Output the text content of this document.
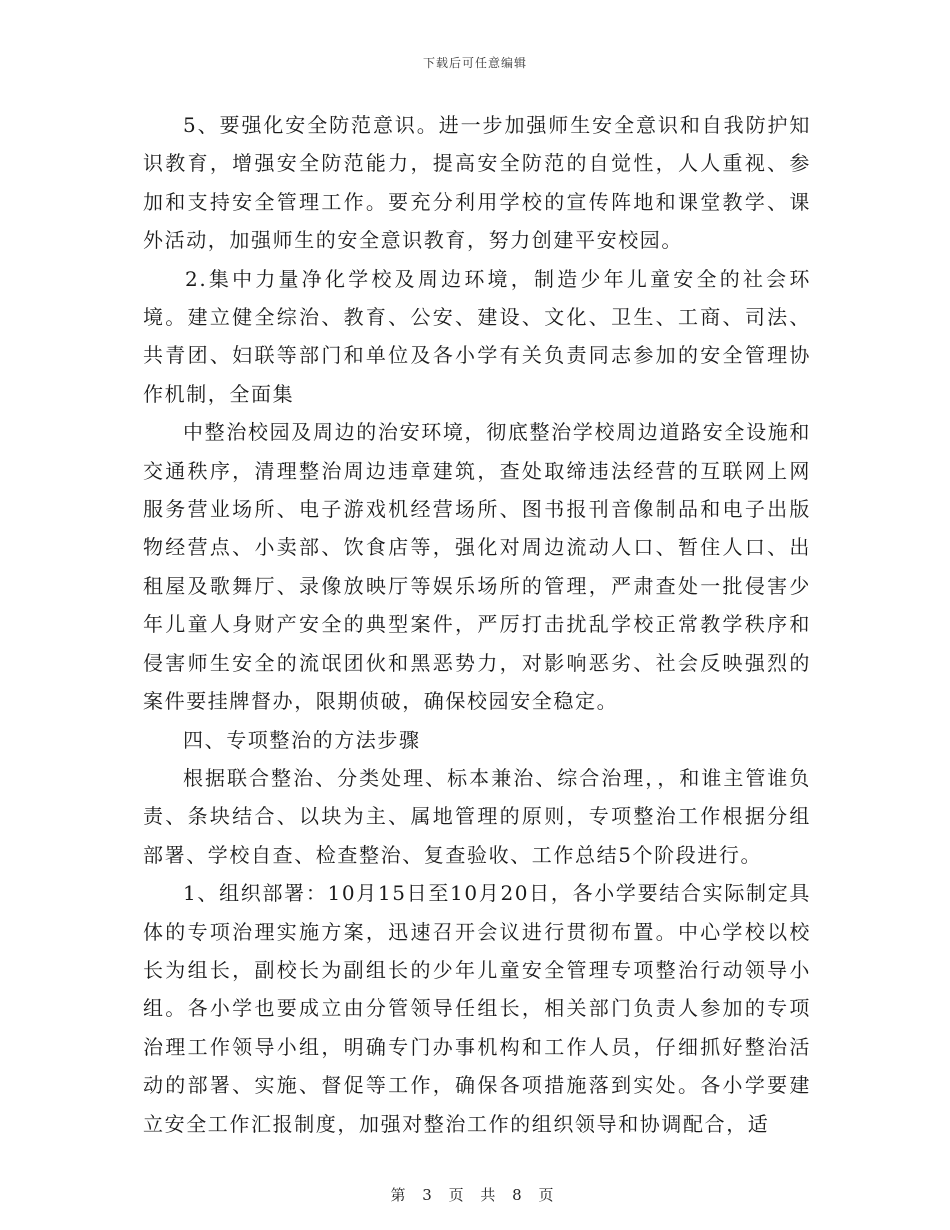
下载后可任意编辑

5、要强化安全防范意识。进一步加强师生安全意识和自我防护知识教育，增强安全防范能力，提高安全防范的自觉性，人人重视、参加和支持安全管理工作。要充分利用学校的宣传阵地和课堂教学、课外活动，加强师生的安全意识教育，努力创建平安校园。

2.集中力量净化学校及周边环境，制造少年儿童安全的社会环境。建立健全综治、教育、公安、建设、文化、卫生、工商、司法、共青团、妇联等部门和单位及各小学有关负责同志参加的安全管理协作机制，全面集

中整治校园及周边的治安环境，彻底整治学校周边道路安全设施和交通秩序，清理整治周边违章建筑，查处取缔违法经营的互联网上网服务营业场所、电子游戏机经营场所、图书报刊音像制品和电子出版物经营点、小卖部、饮食店等，强化对周边流动人口、暂住人口、出租屋及歌舞厅、录像放映厅等娱乐场所的管理，严肃查处一批侵害少年儿童人身财产安全的典型案件，严厉打击扰乱学校正常教学秩序和侵害师生安全的流氓团伙和黑恶势力，对影响恶劣、社会反映强烈的案件要挂牌督办，限期侦破，确保校园安全稳定。

四、专项整治的方法步骤

根据联合整治、分类处理、标本兼治、综合治理，，和谁主管谁负责、条块结合、以块为主、属地管理的原则，专项整治工作根据分组部署、学校自查、检查整治、复查验收、工作总结5个阶段进行。

1、组织部署：10月15日至10月20日，各小学要结合实际制定具体的专项治理实施方案，迅速召开会议进行贯彻布置。中心学校以校长为组长，副校长为副组长的少年儿童安全管理专项整治行动领导小组。各小学也要成立由分管领导任组长，相关部门负责人参加的专项治理工作领导小组，明确专门办事机构和工作人员，仔细抓好整治活动的部署、实施、督促等工作，确保各项措施落到实处。各小学要建立安全工作汇报制度，加强对整治工作的组织领导和协调配合，适

第 3 页 共 8 页
